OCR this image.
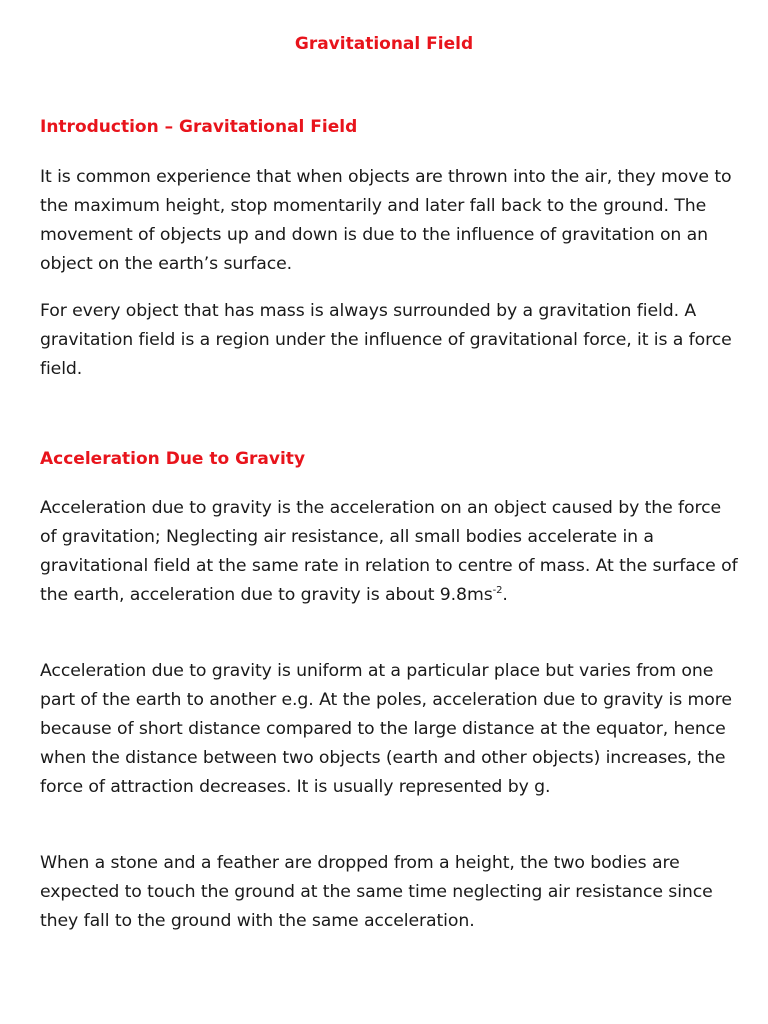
Gravitational Field
Introduction – Gravitational Field

It is common experience that when objects are thrown into the air, they move to the maximum height, stop momentarily and later fall back to the ground. The movement of objects up and down is due to the influence of gravitation on an object on the earth’s surface.

For every object that has mass is always surrounded by a gravitation field. A gravitation field is a region under the influence of gravitational force, it is a force field.

Acceleration Due to Gravity

Acceleration due to gravity is the acceleration on an object caused by the force of gravitation; Neglecting air resistance, all small bodies accelerate in a gravitational field at the same rate in relation to centre of mass. At the surface of the earth, acceleration due to gravity is about $9.8ms^{-2}$.

Acceleration due to gravity is uniform at a particular place but varies from one part of the earth to another e.g. At the poles, acceleration due to gravity is more because of short distance compared to the large distance at the equator, hence when the distance between two objects (earth and other objects) increases, the force of attraction decreases. It is usually represented by g.

When a stone and a feather are dropped from a height, the two bodies are expected to touch the ground at the same time neglecting air resistance since they fall to the ground with the same acceleration.
